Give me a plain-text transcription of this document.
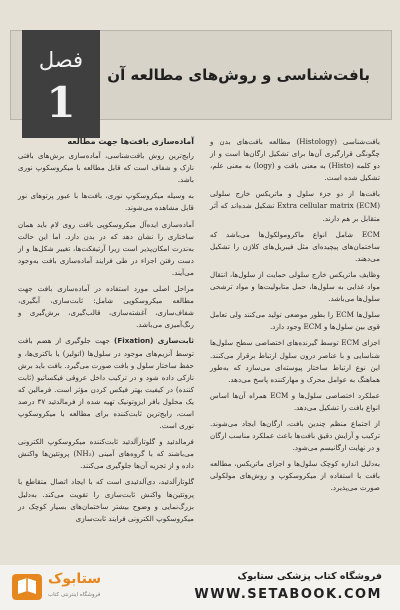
فصل
1
بافت‌شناسی و روش‌های مطالعه آن

بافت‌شناسی (Histology) مطالعه بافت‌های بدن و چگونگی قرارگیری آن‌ها برای تشکیل ارگان‌ها است و از دو کلمه (Histo) به معنی بافت و (logy) به معنی علم، تشکیل شده است.

بافت‌ها از دو جزء سلول و ماتریکس خارج سلولی (ECM) Extra cellular matrix تشکیل شده‌اند که آثر متقابل بر هم دارند.

ECM شامل انواع ماکرومولکول‌ها می‌باشد که ساختمان‌های پیچیده‌ای مثل فیبریل‌های کلاژن را تشکیل می‌دهند.

وظایف ماتریکس خارج سلولی حمایت از سلول‌ها، انتقال مواد غذایی به سلول‌ها، حمل متابولیت‌ها و مواد ترشحی سلول‌ها می‌باشد.

سلول‌ها ECM را بطور موضعی تولید می‌کنند ولی تعامل قوی بین سلول‌ها و ECM وجود دارد.

اجزای ECM توسط گیرنده‌های اختصاصی سطح سلول‌ها شناسایی و با عناصر درون سلول ارتباط برقرار می‌کنند. این نوع ارتباط ساختار پیوسته‌ای می‌سازد که به‌طور هماهنگ به عوامل محرک و مهارکننده پاسخ می‌دهد.

عملکرد اختصاصی سلول‌ها و ECM همراه آن‌ها اساس انواع بافت را تشکیل می‌دهد.

از اجتماع منظم چندین بافت، ارگان‌ها ایجاد می‌شوند. ترکیب و آرایش دقیق بافت‌ها باعث عملکرد مناسب ارگان و در نهایت ارگانیسم می‌شود.

به‌دلیل اندازه کوچک سلول‌ها و اجزای ماتریکس، مطالعه بافت با استفاده از میکروسکوپ و روش‌های مولکولی صورت می‌پذیرد.

آماده‌سازی بافت‌ها جهت مطالعه

رایج‌ترین روش بافت‌شناسی، آماده‌سازی برش‌های بافتی نازک و شفاف است که قابل مطالعه با میکروسکوپ نوری باشد.

به وسیله میکروسکوپ نوری، بافت‌ها با عبور پرتوهای نور قابل مشاهده می‌شوند.

آماده‌سازی ایده‌آل میکروسکوپی بافت روی لام باید همان ساختاری را نشان دهد که در بدن دارد. اما این حالت به‌ندرت امکان‌پذیر است زیرا آرتیفکت‌ها، تغییر شکل‌ها و از دست رفتن اجزاء در طی فرایند آماده‌سازی بافت به‌وجود می‌آیند.

مراحل اصلی مورد استفاده در آماده‌سازی بافت جهت مطالعه میکروسکوپی شامل: ثابت‌سازی، آبگیری، شفاف‌سازی، آغشته‌سازی، قالب‌گیری، برش‌گیری و رنگ‌آمیزی می‌باشد.

ثابت‌سازی (Fixation) جهت جلوگیری از هضم بافت توسط آنزیم‌های موجود در سلول‌ها (اتولیز) یا باکتری‌ها، و حفظ ساختار سلول و بافت صورت می‌گیرد. بافت باید برش نازکی داده شود و در ترکیب داخل عروقی فیکساتیو (ثابت کننده) در کیفیت بهتر فیکس کردن مؤثر است. فرمالین که یک محلول بافر ایزوتونیک تهیه شده از فرمالدئید ۳۷ درصد است، رایج‌ترین ثابت‌کننده برای مطالعه با میکروسکوپ نوری است.

فرمالدئید و گلوتارآلدئید ثابت‌کننده میکروسکوپ الکترونی می‌باشند که با گروه‌های آمینی (NH₂) پروتئین‌ها واکنش داده و از تجزیه آن‌ها جلوگیری می‌کنند.

گلوتارآلدئید، دی‌آلدئیدی است که با ایجاد اتصال متقاطع با پروتئین‌ها واکنش ثابت‌سازی را تقویت می‌کند. به‌دلیل بزرگ‌نمایی و وضوح بیشتر ساختمان‌های بسیار کوچک در میکروسکوپ الکترونی فرایند ثابت‌سازی

ستابوک
فروشگاه اینترنتی کتاب
فروشگاه کتاب پزشکی ستابوک
WWW.SETABOOK.COM
